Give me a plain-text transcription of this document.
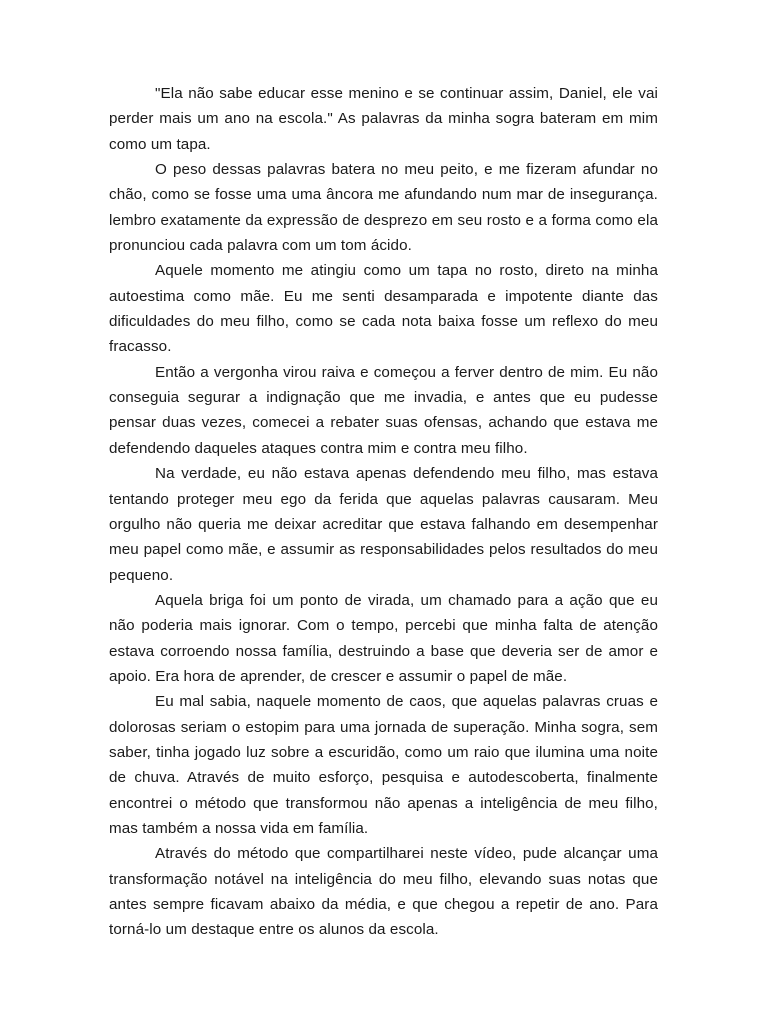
"Ela não sabe educar esse menino e se continuar assim, Daniel, ele vai perder mais um ano na escola." As palavras da minha sogra bateram em mim como um tapa.

O peso dessas palavras batera no meu peito, e me fizeram afundar no chão, como se fosse uma uma âncora me afundando num mar de insegurança. lembro exatamente da expressão de desprezo em seu rosto e a forma como ela pronunciou cada palavra com um tom ácido.

Aquele momento me atingiu como um tapa no rosto, direto na minha autoestima como mãe. Eu me senti desamparada e impotente diante das dificuldades do meu filho, como se cada nota baixa fosse um reflexo do meu fracasso.

Então a vergonha virou raiva e começou a ferver dentro de mim. Eu não conseguia segurar a indignação que me invadia, e antes que eu pudesse pensar duas vezes, comecei a rebater suas ofensas, achando que estava me defendendo daqueles ataques contra mim e contra meu filho.

Na verdade, eu não estava apenas defendendo meu filho, mas estava tentando proteger meu ego da ferida que aquelas palavras causaram. Meu orgulho não queria me deixar acreditar que estava falhando em desempenhar meu papel como mãe, e assumir as responsabilidades pelos resultados do meu pequeno.

Aquela briga foi um ponto de virada, um chamado para a ação que eu não poderia mais ignorar. Com o tempo, percebi que minha falta de atenção estava corroendo nossa família, destruindo a base que deveria ser de amor e apoio. Era hora de aprender, de crescer e assumir o papel de mãe.

Eu mal sabia, naquele momento de caos, que aquelas palavras cruas e dolorosas seriam o estopim para uma jornada de superação. Minha sogra, sem saber, tinha jogado luz sobre a escuridão, como um raio que ilumina uma noite de chuva. Através de muito esforço, pesquisa e autodescoberta, finalmente encontrei o método que transformou não apenas a inteligência de meu filho, mas também a nossa vida em família.

Através do método que compartilharei neste vídeo, pude alcançar uma transformação notável na inteligência do meu filho, elevando suas notas que antes sempre ficavam abaixo da média, e que chegou a repetir de ano. Para torná-lo um destaque entre os alunos da escola.
